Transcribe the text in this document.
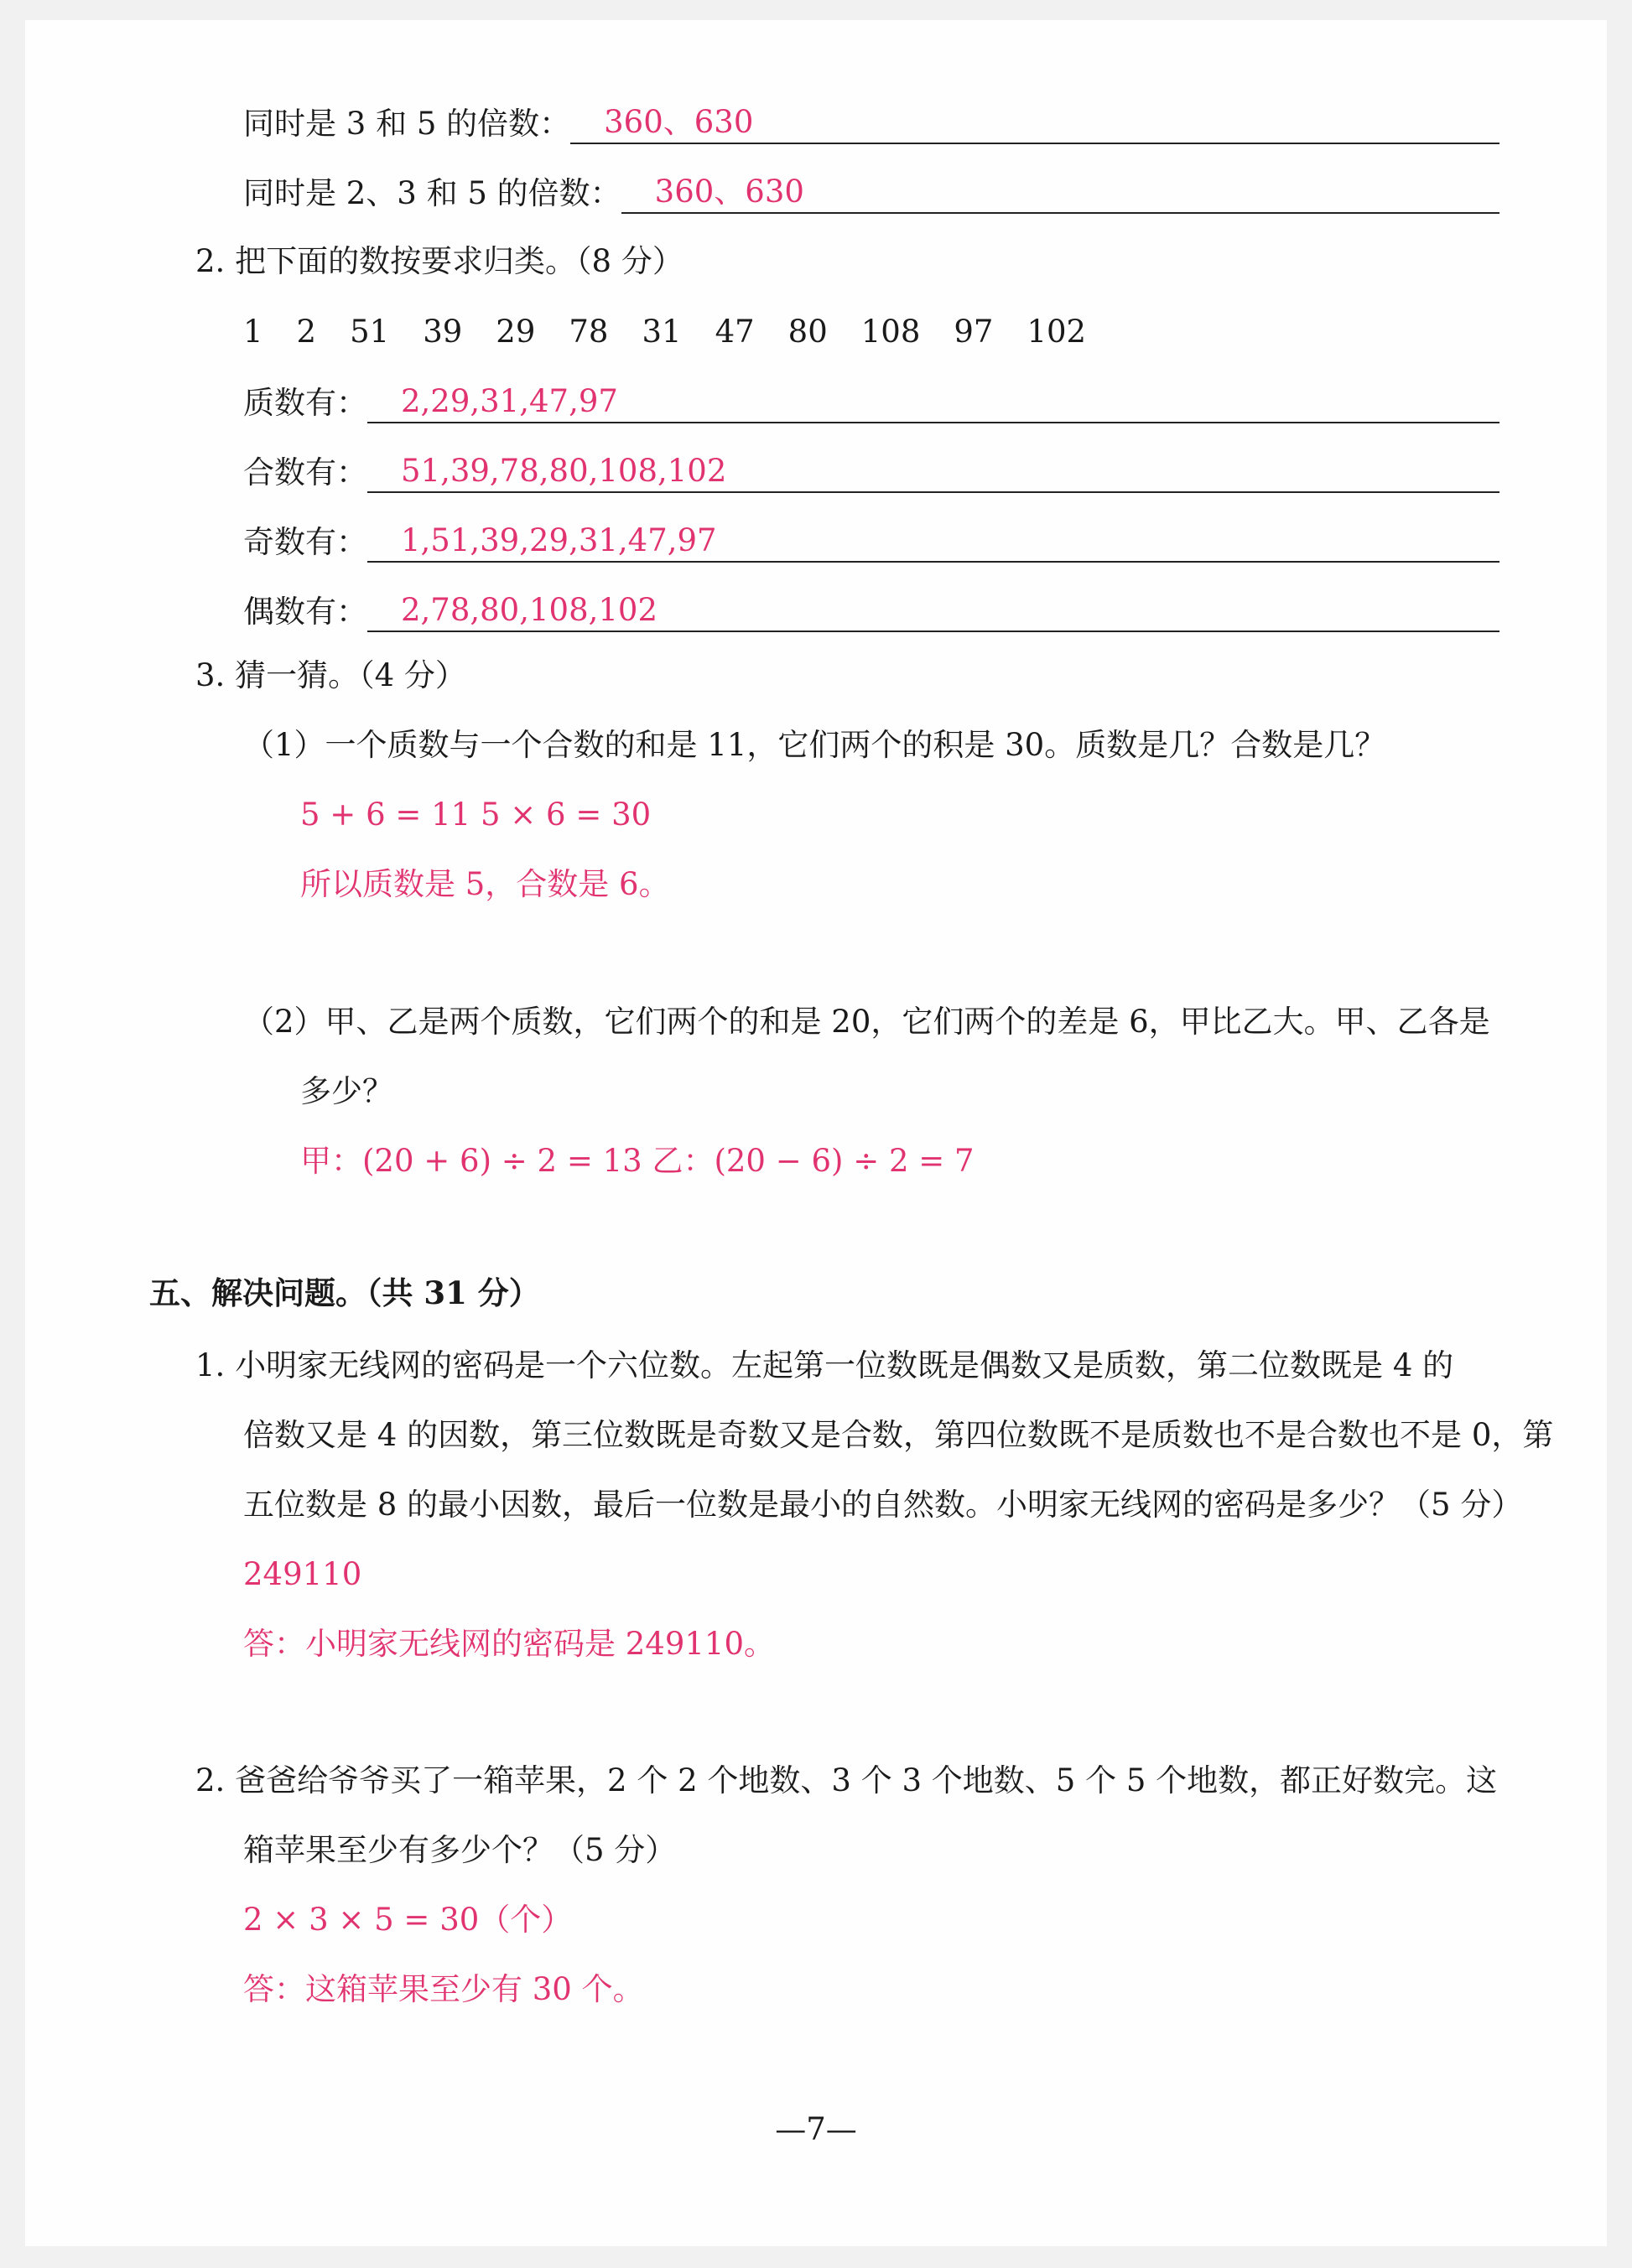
同时是 3 和 5 的倍数： 360、630
同时是 2、3 和 5 的倍数： 360、630
2. 把下面的数按要求归类。（8 分）
1 2 51 39 29 78 31 47 80 108 97 102
质数有： 2,29,31,47,97
合数有： 51,39,78,80,108,102
奇数有： 1,51,39,29,31,47,97
偶数有： 2,78,80,108,102
3. 猜一猜。（4 分）
（1）一个质数与一个合数的和是 11，它们两个的积是 30。质数是几？合数是几？
5 + 6 = 11 5 × 6 = 30
所以质数是 5，合数是 6。
（2）甲、乙是两个质数，它们两个的和是 20，它们两个的差是 6，甲比乙大。甲、乙各是
多少？
甲：(20 + 6) ÷ 2 = 13 乙：(20 − 6) ÷ 2 = 7
五、解决问题。（共 31 分）
1. 小明家无线网的密码是一个六位数。左起第一位数既是偶数又是质数，第二位数既是 4 的
倍数又是 4 的因数，第三位数既是奇数又是合数，第四位数既不是质数也不是合数也不是 0，第
五位数是 8 的最小因数，最后一位数是最小的自然数。小明家无线网的密码是多少？（5 分）
249110
答：小明家无线网的密码是 249110。
2. 爸爸给爷爷买了一箱苹果，2 个 2 个地数、3 个 3 个地数、5 个 5 个地数，都正好数完。这
箱苹果至少有多少个？（5 分）
2 × 3 × 5 = 30（个）
答：这箱苹果至少有 30 个。
—7—
